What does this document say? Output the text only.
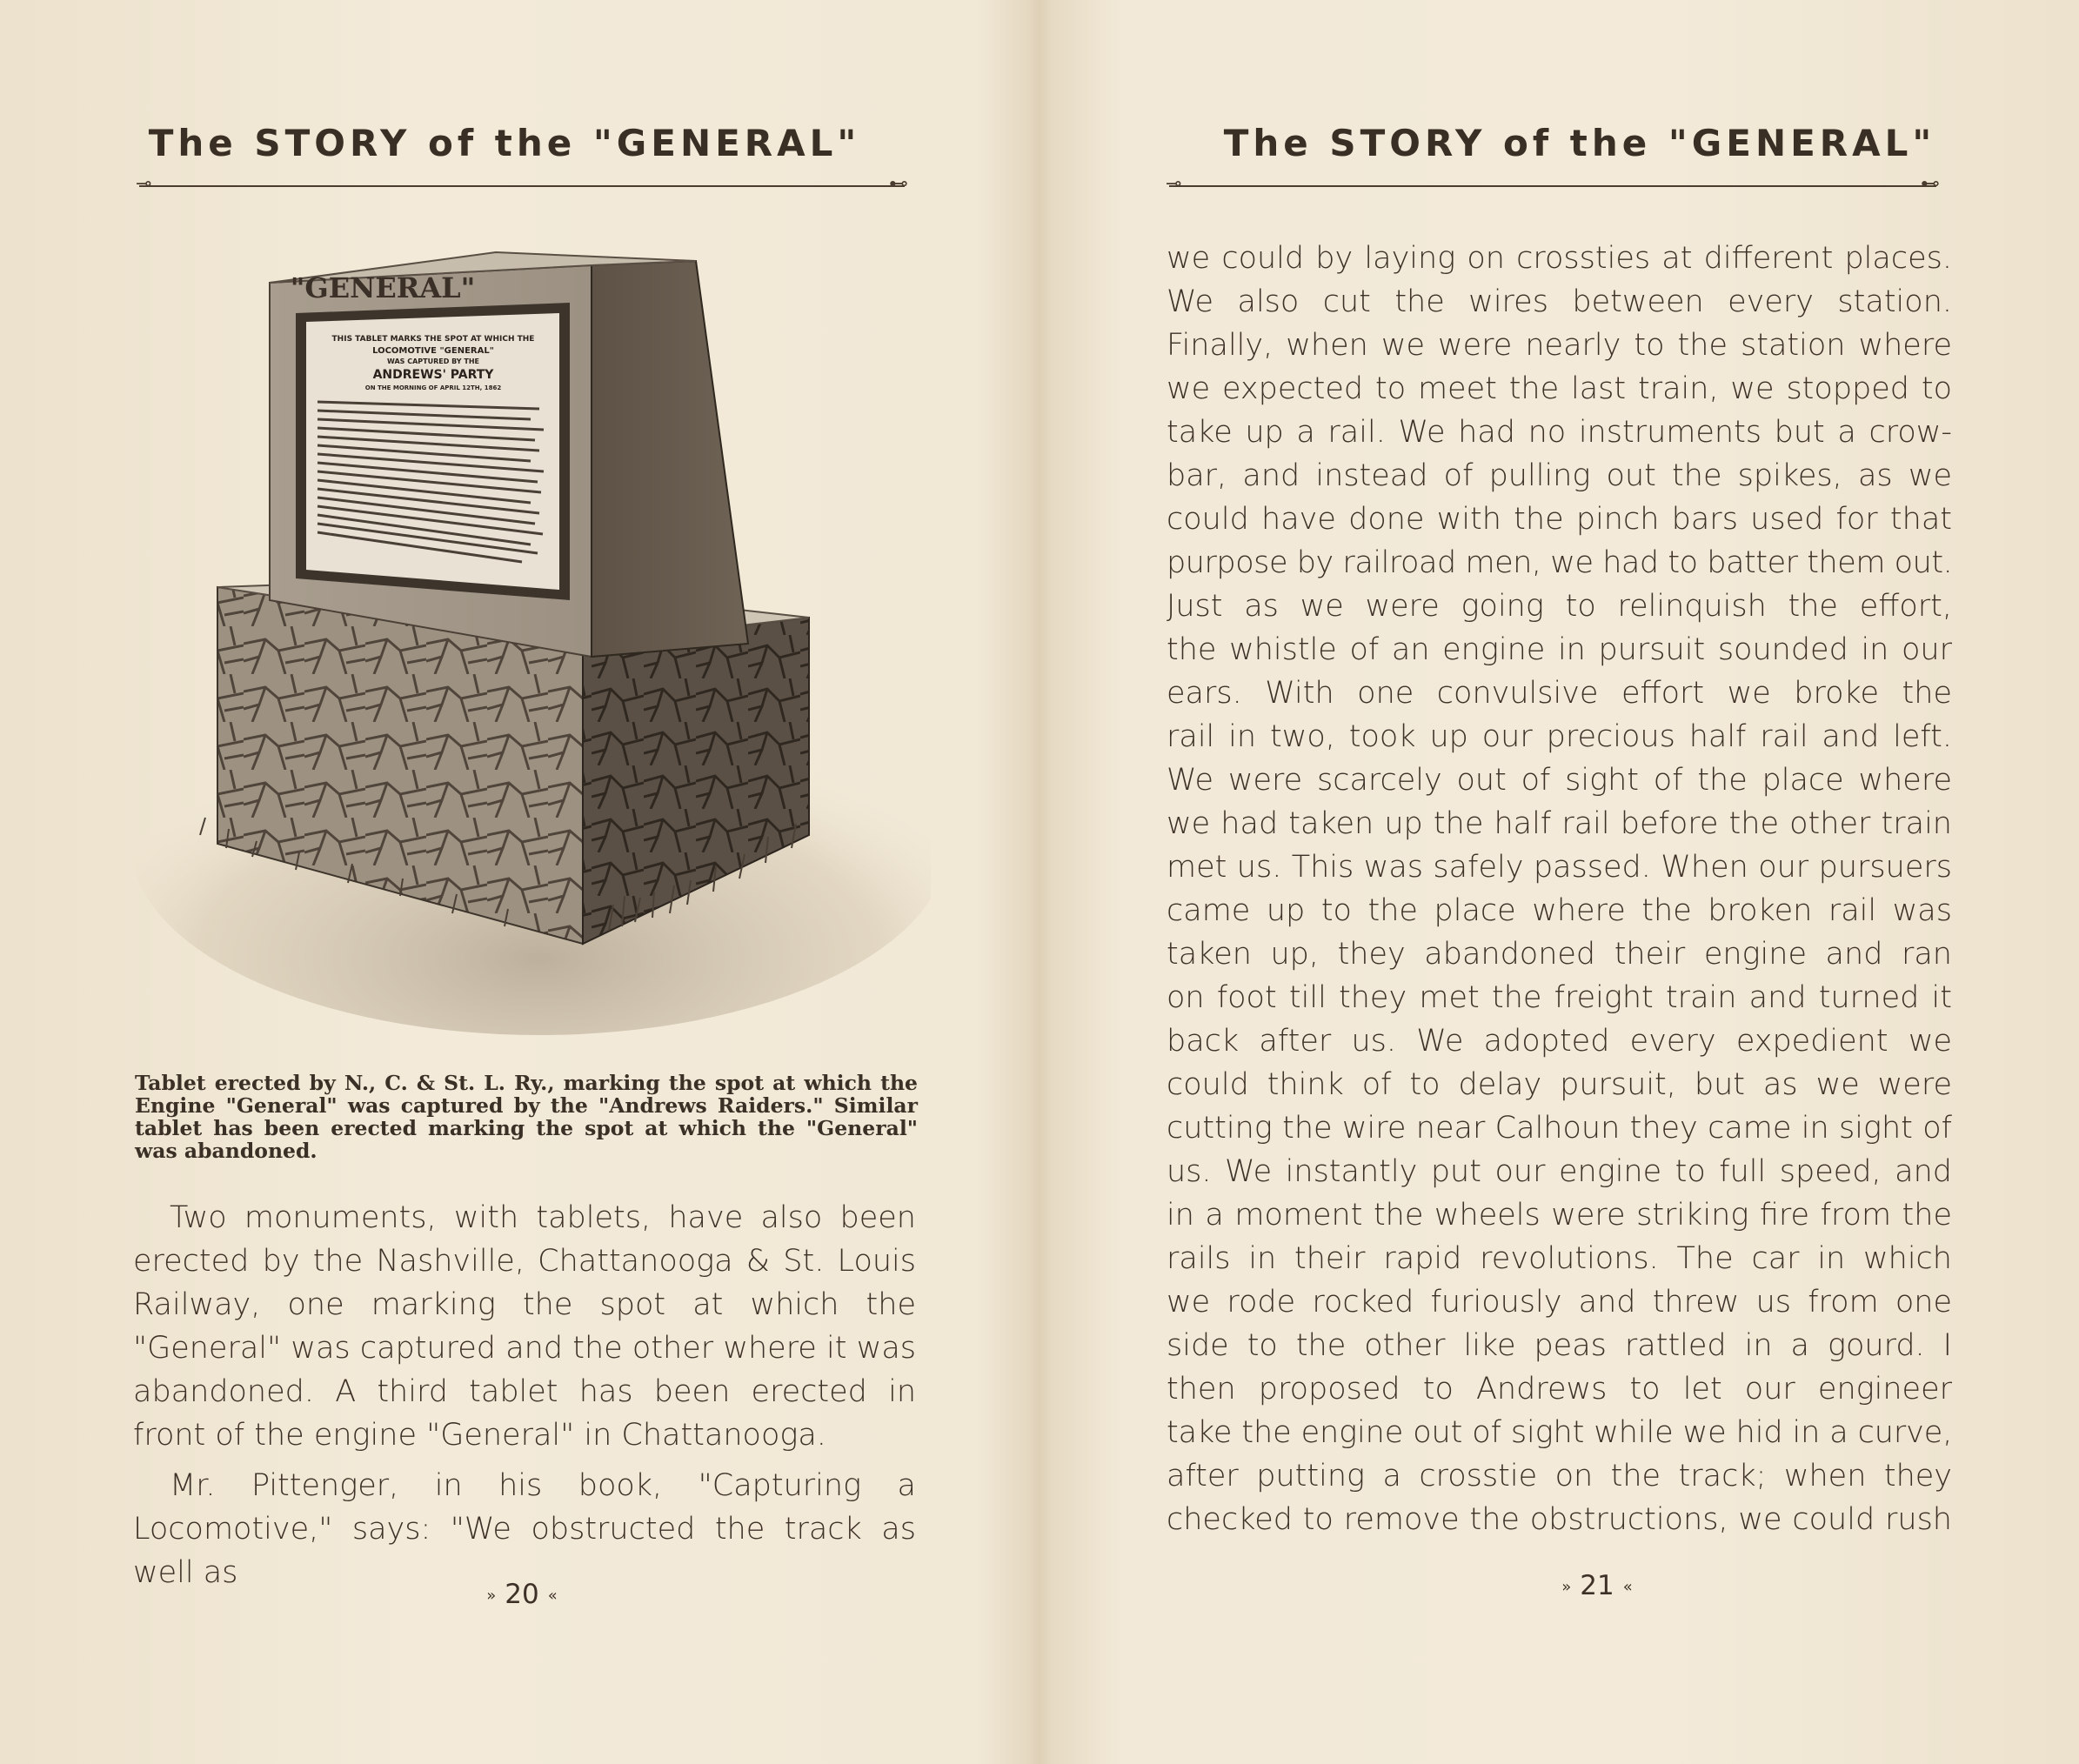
The STORY of the "GENERAL"
⊸	⊷
"GENERAL"
THIS TABLET MARKS THE SPOT AT WHICH THE
LOCOMOTIVE "GENERAL"
WAS CAPTURED BY THE
ANDREWS' PARTY
ON THE MORNING OF APRIL 12TH, 1862
Tablet erected by N., C. & St. L. Ry., marking the spot at which the Engine "General" was captured by the "Andrews Raiders." Similar tablet has been erected marking the spot at which the "General" was abandoned.

Two monuments, with tablets, have also been erected by the Nashville, Chattanooga & St. Louis Railway, one marking the spot at which the "General" was captured and the other where it was abandoned. A third tablet has been erected in front of the engine "General" in Chattanooga.

Mr. Pittenger, in his book, "Capturing a Locomotive," says: "We obstructed the track as well as

» 20 «
The STORY of the "GENERAL"
⊸	⊷

we could by laying on crossties at different places.

We also cut the wires between every station.

Finally, when we were nearly to the station where

we expected to meet the last train, we stopped to

take up a rail. We had no instruments but a crow-

bar, and instead of pulling out the spikes, as we

could have done with the pinch bars used for that

purpose by railroad men, we had to batter them out.

Just as we were going to relinquish the effort,

the whistle of an engine in pursuit sounded in our

ears. With one convulsive effort we broke the

rail in two, took up our precious half rail and left.

We were scarcely out of sight of the place where

we had taken up the half rail before the other train

met us. This was safely passed. When our pursuers

came up to the place where the broken rail was

taken up, they abandoned their engine and ran

on foot till they met the freight train and turned it

back after us. We adopted every expedient we

could think of to delay pursuit, but as we were

cutting the wire near Calhoun they came in sight of

us. We instantly put our engine to full speed, and

in a moment the wheels were striking fire from the

rails in their rapid revolutions. The car in which

we rode rocked furiously and threw us from one

side to the other like peas rattled in a gourd. I

then proposed to Andrews to let our engineer

take the engine out of sight while we hid in a curve,

after putting a crosstie on the track; when they

checked to remove the obstructions, we could rush

» 21 «
